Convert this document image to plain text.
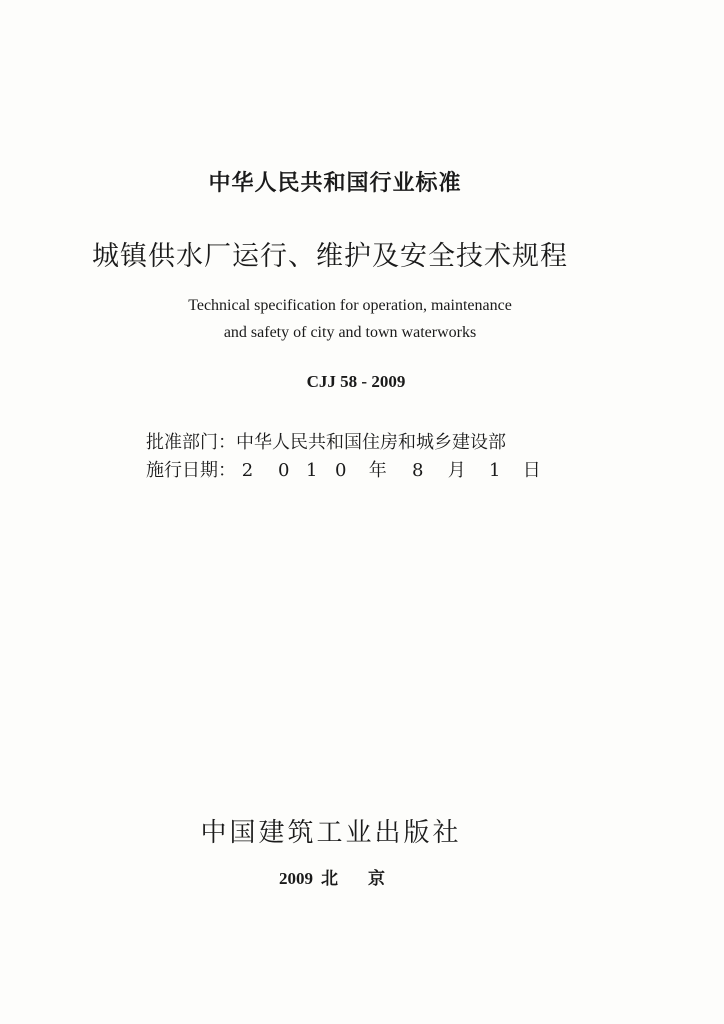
中华人民共和国行业标准
城镇供水厂运行、维护及安全技术规程
Technical specification for operation, maintenance
and safety of city and town waterworks
CJJ 58 - 2009
批准部门：中华人民共和国住房和城乡建设部
施行日期： 2 0 1 0 年 8 月 1 日
中国建筑工业出版社
2009 北 京
